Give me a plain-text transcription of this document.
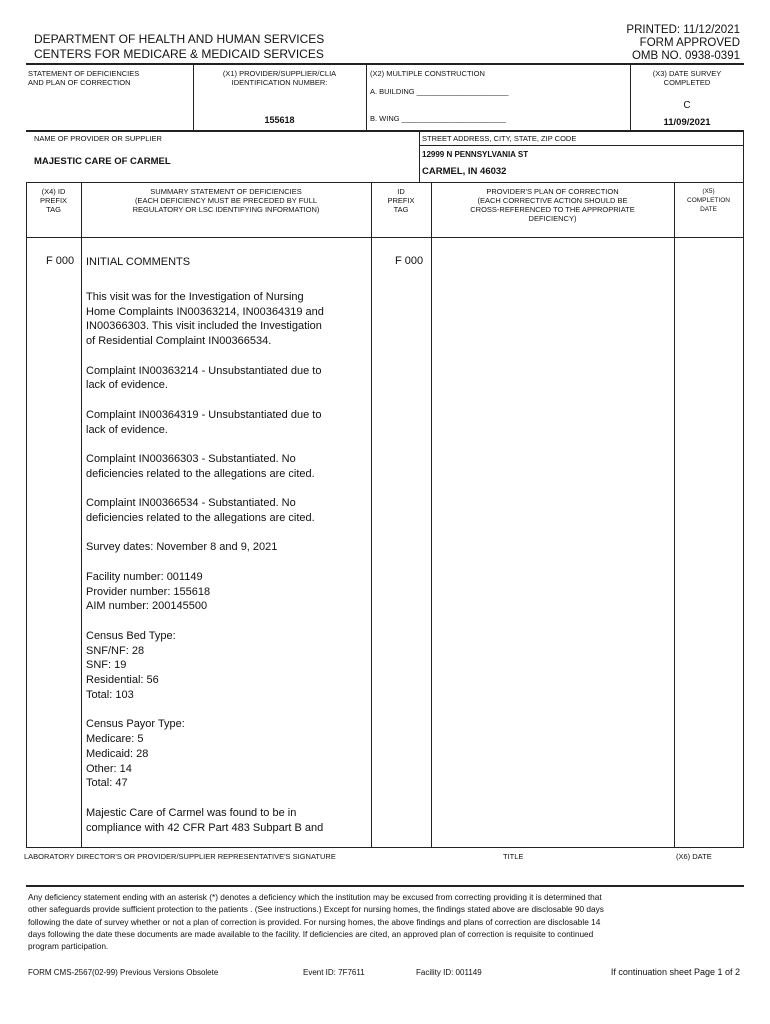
DEPARTMENT OF HEALTH AND HUMAN SERVICES
CENTERS FOR MEDICARE & MEDICAID SERVICES
PRINTED: 11/12/2021
FORM APPROVED
OMB NO. 0938-0391
STATEMENT OF DEFICIENCIES
AND PLAN OF CORRECTION
(X1) PROVIDER/SUPPLIER/CLIA
IDENTIFICATION NUMBER:
155618
(X2) MULTIPLE CONSTRUCTION
A. BUILDING ______________________
B. WING _________________________
(X3) DATE SURVEY
COMPLETED
C
11/09/2021
NAME OF PROVIDER OR SUPPLIER
MAJESTIC CARE OF CARMEL
STREET ADDRESS, CITY, STATE, ZIP CODE
12999 N PENNSYLVANIA ST
CARMEL, IN 46032
(X4) ID
PREFIX
TAG
SUMMARY STATEMENT OF DEFICIENCIES
(EACH DEFICIENCY MUST BE PRECEDED BY FULL
REGULATORY OR LSC IDENTIFYING INFORMATION)
ID
PREFIX
TAG
PROVIDER'S PLAN OF CORRECTION
(EACH CORRECTIVE ACTION SHOULD BE
CROSS-REFERENCED TO THE APPROPRIATE
DEFICIENCY)
(X5)
COMPLETION
DATE
F 000	F 000

INITIAL COMMENTS

This visit was for the Investigation of Nursing
Home Complaints IN00363214, IN00364319 and
IN00366303. This visit included the Investigation
of Residential Complaint IN00366534.

Complaint IN00363214 - Unsubstantiated due to
lack of evidence.

Complaint IN00364319 - Unsubstantiated due to
lack of evidence.

Complaint IN00366303 - Substantiated. No
deficiencies related to the allegations are cited.

Complaint IN00366534 - Substantiated. No
deficiencies related to the allegations are cited.

Survey dates: November 8 and 9, 2021

Facility number: 001149
Provider number: 155618
AIM number: 200145500

Census Bed Type:
SNF/NF: 28
SNF: 19
Residential: 56
Total: 103

Census Payor Type:
Medicare: 5
Medicaid: 28
Other: 14
Total: 47

Majestic Care of Carmel was found to be in
compliance with 42 CFR Part 483 Subpart B and

LABORATORY DIRECTOR'S OR PROVIDER/SUPPLIER REPRESENTATIVE'S SIGNATURE	TITLE	(X6) DATE
Any deficiency statement ending with an asterisk (*) denotes a deficiency which the institution may be excused from correcting providing it is determined that
other safeguards provide sufficient protection to the patients . (See instructions.) Except for nursing homes, the findings stated above are disclosable 90 days
following the date of survey whether or not a plan of correction is provided. For nursing homes, the above findings and plans of correction are disclosable 14
days following the date these documents are made available to the facility. If deficiencies are cited, an approved plan of correction is requisite to continued
program participation.
FORM CMS-2567(02-99) Previous Versions Obsolete	Event ID: 7F7611	Facility ID: 001149	If continuation sheet Page 1 of 2
